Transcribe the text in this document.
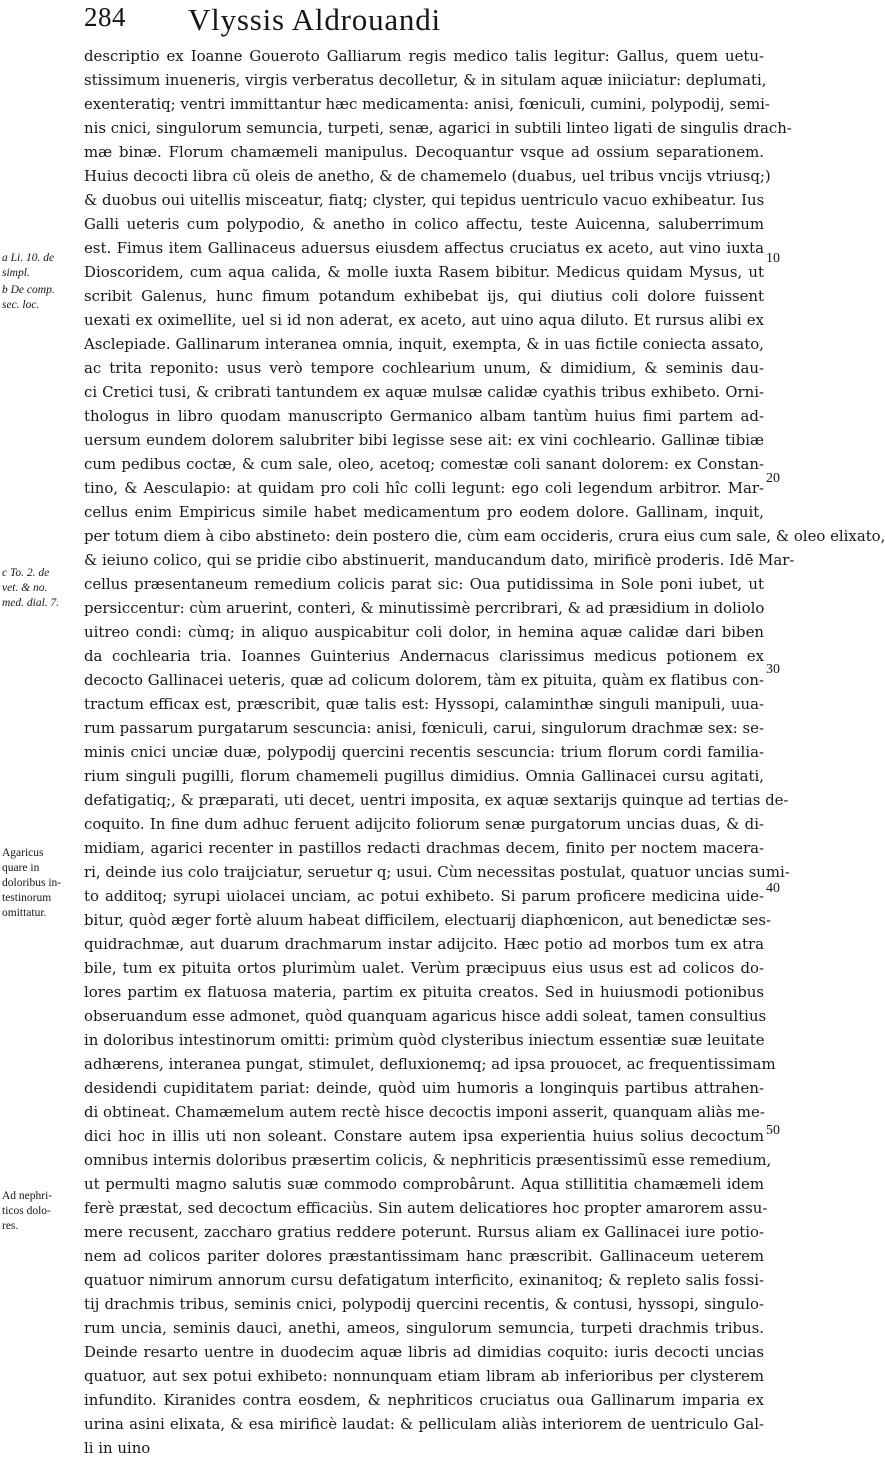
284 Vlyssis Aldrouandi
a Li. 10. de
simpl.
b De comp.
sec. loc.
c To. 2. de
vet. & no.
med. dial. 7.
Agaricus
quare in
doloribus in-
testinorum
omittatur.
Ad nephri-
ticos dolo-
res.
descriptio ex Ioanne Goueroto Galliarum regis medico talis legitur: Gallus, quem uetu-
stissimum inueneris, virgis verberatus decolletur, & in situlam aquæ iniiciatur: deplumati,
exenteratiq; ventri immittantur hæc medicamenta: anisi, fœniculi, cumini, polypodij, semi-
nis cnici, singulorum semuncia, turpeti, senæ, agarici in subtili linteo ligati de singulis drach-
mæ binæ. Florum chamæmeli manipulus. Decoquantur vsque ad ossium separationem.
Huius decocti libra cũ oleis de anetho, & de chamemelo (duabus, uel tribus vncijs vtriusq;)
& duobus oui uitellis misceatur, fiatq; clyster, qui tepidus uentriculo vacuo exhibeatur. Ius
Galli ueteris cum polypodio, & anetho in colico affectu, teste Auicenna, saluberrimum
est. Fimus item Gallinaceus aduersus eiusdem affectus cruciatus ex aceto, aut vino iuxta
Dioscoridem, cum aqua calida, & molle iuxta Rasem bibitur. Medicus quidam Mysus, ut
scribit Galenus, hunc fimum potandum exhibebat ijs, qui diutius coli dolore fuissent
uexati ex oximellite, uel si id non aderat, ex aceto, aut uino aqua diluto. Et rursus alibi ex
Asclepiade. Gallinarum interanea omnia, inquit, exempta, & in uas fictile coniecta assato,
ac trita reponito: usus verò tempore cochlearium unum, & dimidium, & seminis dau-
ci Cretici tusi, & cribrati tantundem ex aquæ mulsæ calidæ cyathis tribus exhibeto. Orni-
thologus in libro quodam manuscripto Germanico albam tantùm huius fimi partem ad-
uersum eundem dolorem salubriter bibi legisse sese ait: ex vini cochleario. Gallinæ tibiæ
cum pedibus coctæ, & cum sale, oleo, acetoq; comestæ coli sanant dolorem: ex Constan-
tino, & Aesculapio: at quidam pro coli hîc colli legunt: ego coli legendum arbitror. Mar-
cellus enim Empiricus simile habet medicamentum pro eodem dolore. Gallinam, inquit,
per totum diem à cibo abstineto: dein postero die, cùm eam occideris, crura eius cum sale, & oleo elixato,
& ieiuno colico, qui se pridie cibo abstinuerit, manducandum dato, mirificè proderis. Idē Mar-
cellus præsentaneum remedium colicis parat sic: Oua putidissima in Sole poni iubet, ut
persiccentur: cùm aruerint, conteri, & minutissimè percribrari, & ad præsidium in doliolo
uitreo condi: cùmq; in aliquo auspicabitur coli dolor, in hemina aquæ calidæ dari biben
da cochlearia tria. Ioannes Guinterius Andernacus clarissimus medicus potionem ex
decocto Gallinacei ueteris, quæ ad colicum dolorem, tàm ex pituita, quàm ex flatibus con-
tractum efficax est, præscribit, quæ talis est: Hyssopi, calaminthæ singuli manipuli, uua-
rum passarum purgatarum sescuncia: anisi, fœniculi, carui, singulorum drachmæ sex: se-
minis cnici unciæ duæ, polypodij quercini recentis sescuncia: trium florum cordi familia-
rium singuli pugilli, florum chamemeli pugillus dimidius. Omnia Gallinacei cursu agitati,
defatigatiq;, & præparati, uti decet, uentri imposita, ex aquæ sextarijs quinque ad tertias de-
coquito. In fine dum adhuc feruent adijcito foliorum senæ purgatorum uncias duas, & di-
midiam, agarici recenter in pastillos redacti drachmas decem, finito per noctem macera-
ri, deinde ius colo traijciatur, seruetur q; usui. Cùm necessitas postulat, quatuor uncias sumi-
to additoq; syrupi uiolacei unciam, ac potui exhibeto. Si parum proficere medicina uide-
bitur, quòd æger fortè aluum habeat difficilem, electuarij diaphœnicon, aut benedictæ ses-
quidrachmæ, aut duarum drachmarum instar adijcito. Hæc potio ad morbos tum ex atra
bile, tum ex pituita ortos plurimùm ualet. Verùm præcipuus eius usus est ad colicos do-
lores partim ex flatuosa materia, partim ex pituita creatos. Sed in huiusmodi potionibus
obseruandum esse admonet, quòd quanquam agaricus hisce addi soleat, tamen consultius
in doloribus intestinorum omitti: primùm quòd clysteribus iniectum essentiæ suæ leuitate
adhærens, interanea pungat, stimulet, defluxionemq; ad ipsa prouocet, ac frequentissimam
desidendi cupiditatem pariat: deinde, quòd uim humoris a longinquis partibus attrahen-
di obtineat. Chamæmelum autem rectè hisce decoctis imponi asserit, quanquam aliàs me-
dici hoc in illis uti non soleant. Constare autem ipsa experientia huius solius decoctum
omnibus internis doloribus præsertim colicis, & nephriticis præsentissimũ esse remedium,
ut permulti magno salutis suæ commodo comprobârunt. Aqua stillititia chamæmeli idem
ferè præstat, sed decoctum efficaciùs. Sin autem delicatiores hoc propter amarorem assu-
mere recusent, zaccharo gratius reddere poterunt. Rursus aliam ex Gallinacei iure potio-
nem ad colicos pariter dolores præstantissimam hanc præscribit. Gallinaceum ueterem
quatuor nimirum annorum cursu defatigatum interficito, exinanitoq; & repleto salis fossi-
tij drachmis tribus, seminis cnici, polypodij quercini recentis, & contusi, hyssopi, singulo-
rum uncia, seminis dauci, anethi, ameos, singulorum semuncia, turpeti drachmis tribus.
Deinde resarto uentre in duodecim aquæ libris ad dimidias coquito: iuris decocti uncias
quatuor, aut sex potui exhibeto: nonnunquam etiam libram ab inferioribus per clysterem
infundito. Kiranides contra eosdem, & nephriticos cruciatus oua Gallinarum imparia ex
urina asini elixata, & esa mirificè laudat: & pelliculam aliàs interiorem de uentriculo Gal-
li in uino
10
20
30
40
50
